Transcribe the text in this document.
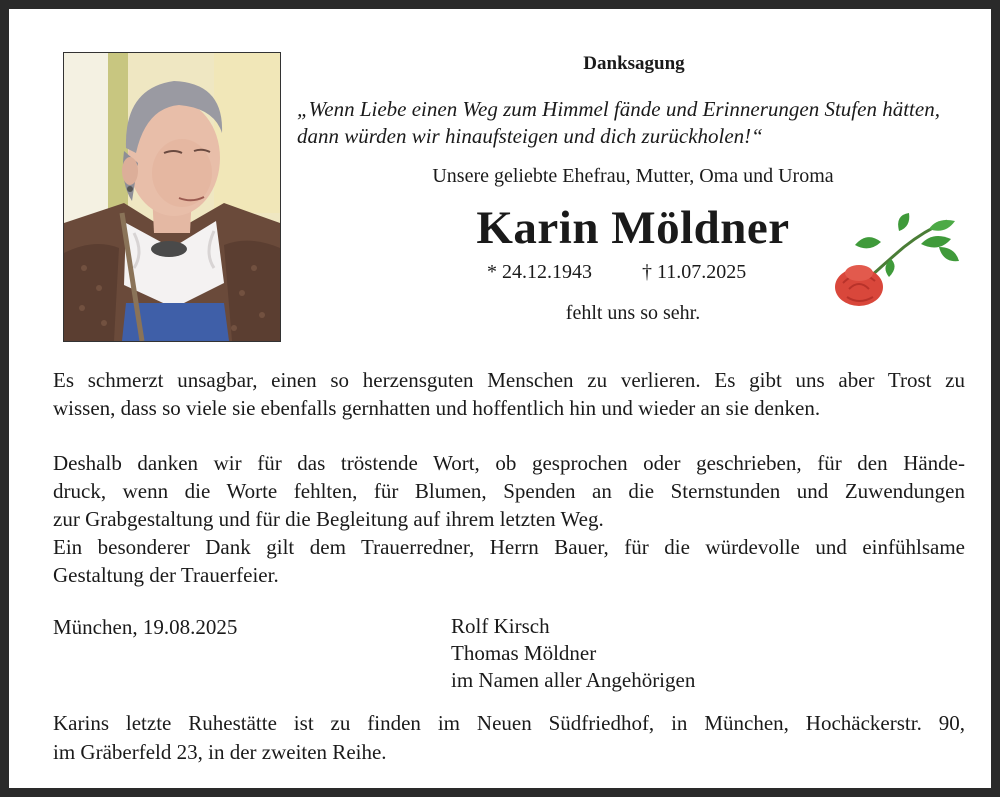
Danksagung
„Wenn Liebe einen Weg zum Himmel fände und Erinnerungen Stufen hätten,
dann würden wir hinaufsteigen und dich zurückholen!“
Unsere geliebte Ehefrau, Mutter, Oma und Uroma
Karin Möldner
* 24.12.1943	† 11.07.2025
fehlt uns so sehr.
Es schmerzt unsagbar, einen so herzensguten Menschen zu verlieren. Es gibt uns aber Trost zu
wissen, dass so viele sie ebenfalls gernhatten und hoffentlich hin und wieder an sie denken.
Deshalb danken wir für das tröstende Wort, ob gesprochen oder geschrieben, für den Hände-
druck, wenn die Worte fehlten, für Blumen, Spenden an die Sternstunden und Zuwendungen
zur Grabgestaltung und für die Begleitung auf ihrem letzten Weg.
Ein besonderer Dank gilt dem Trauerredner, Herrn Bauer, für die würdevolle und einfühlsame
Gestaltung der Trauerfeier.
München, 19.08.2025	Rolf Kirsch
Thomas Möldner
im Namen aller Angehörigen
Karins letzte Ruhestätte ist zu finden im Neuen Südfriedhof, in München, Hochäckerstr. 90,
im Gräberfeld 23, in der zweiten Reihe.
